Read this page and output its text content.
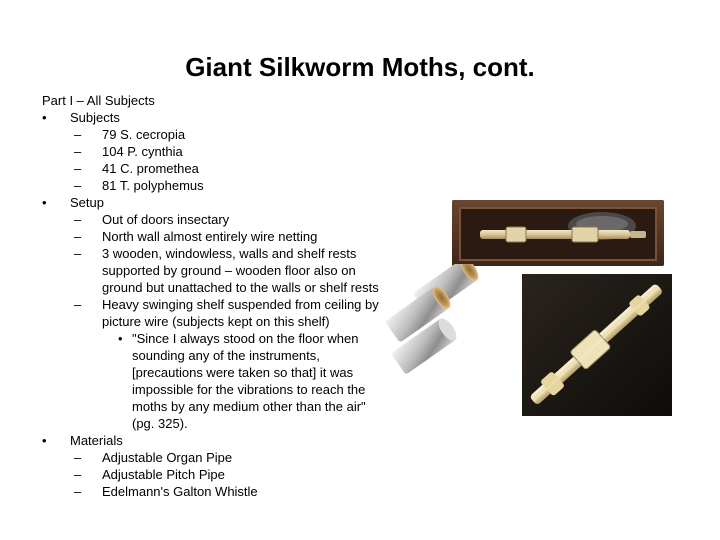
Giant Silkworm Moths, cont.
Part I – All Subjects
• Subjects
– 79 S. cecropia
– 104 P. cynthia
– 41 C. promethea
– 81 T. polyphemus
• Setup
– Out of doors insectary
– North wall almost entirely wire netting
– 3 wooden, windowless, walls and shelf rests supported by ground – wooden floor also on ground but unattached to the walls or shelf rests
– Heavy swinging shelf suspended from ceiling by picture wire (subjects kept on this shelf)
• "Since I always stood on the floor when sounding any of the instruments, [precautions were taken so that] it was impossible for the vibrations to reach the moths by any medium other than the air" (pg. 325).
• Materials
– Adjustable Organ Pipe
– Adjustable Pitch Pipe
– Edelmann's Galton Whistle
